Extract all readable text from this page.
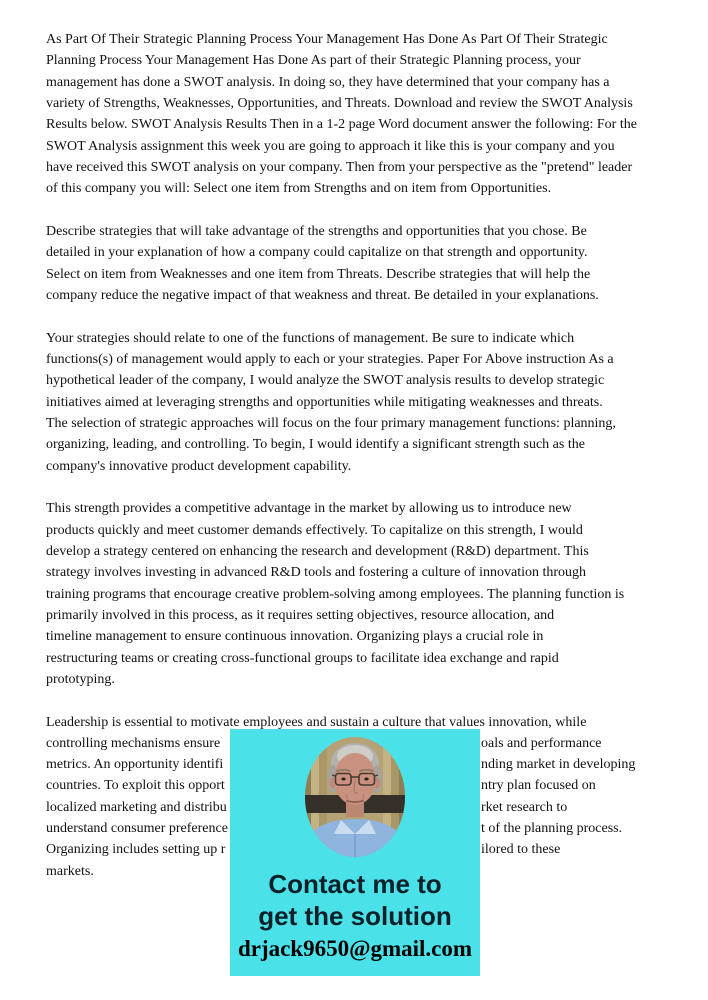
As Part Of Their Strategic Planning Process Your Management Has Done As Part Of Their Strategic
Planning Process Your Management Has Done As part of their Strategic Planning process, your
management has done a SWOT analysis. In doing so, they have determined that your company has a
variety of Strengths, Weaknesses, Opportunities, and Threats. Download and review the SWOT Analysis
Results below. SWOT Analysis Results Then in a 1-2 page Word document answer the following: For the
SWOT Analysis assignment this week you are going to approach it like this is your company and you
have received this SWOT analysis on your company. Then from your perspective as the "pretend" leader
of this company you will: Select one item from Strengths and on item from Opportunities.
Describe strategies that will take advantage of the strengths and opportunities that you chose. Be
detailed in your explanation of how a company could capitalize on that strength and opportunity.
Select on item from Weaknesses and one item from Threats. Describe strategies that will help the
company reduce the negative impact of that weakness and threat. Be detailed in your explanations.
Your strategies should relate to one of the functions of management. Be sure to indicate which
functions(s) of management would apply to each or your strategies. Paper For Above instruction As a
hypothetical leader of the company, I would analyze the SWOT analysis results to develop strategic
initiatives aimed at leveraging strengths and opportunities while mitigating weaknesses and threats.
The selection of strategic approaches will focus on the four primary management functions: planning,
organizing, leading, and controlling. To begin, I would identify a significant strength such as the
company's innovative product development capability.
This strength provides a competitive advantage in the market by allowing us to introduce new
products quickly and meet customer demands effectively. To capitalize on this strength, I would
develop a strategy centered on enhancing the research and development (R&D) department. This
strategy involves investing in advanced R&D tools and fostering a culture of innovation through
training programs that encourage creative problem-solving among employees. The planning function is
primarily involved in this process, as it requires setting objectives, resource allocation, and
timeline management to ensure continuous innovation. Organizing plays a crucial role in
restructuring teams or creating cross-functional groups to facilitate idea exchange and rapid
prototyping.
Leadership is essential to motivate employees and sustain a culture that values innovation, while
controlling mechanisms ensure	oals and performance
metrics. An opportunity identifi	nding market in developing
countries. To exploit this opport	ntry plan focused on
localized marketing and distribu	rket research to
understand consumer preference	t of the planning process.
Organizing includes setting up r	ilored to these
markets.	Contact me to
get the solution
drjack9650@gmail.com
